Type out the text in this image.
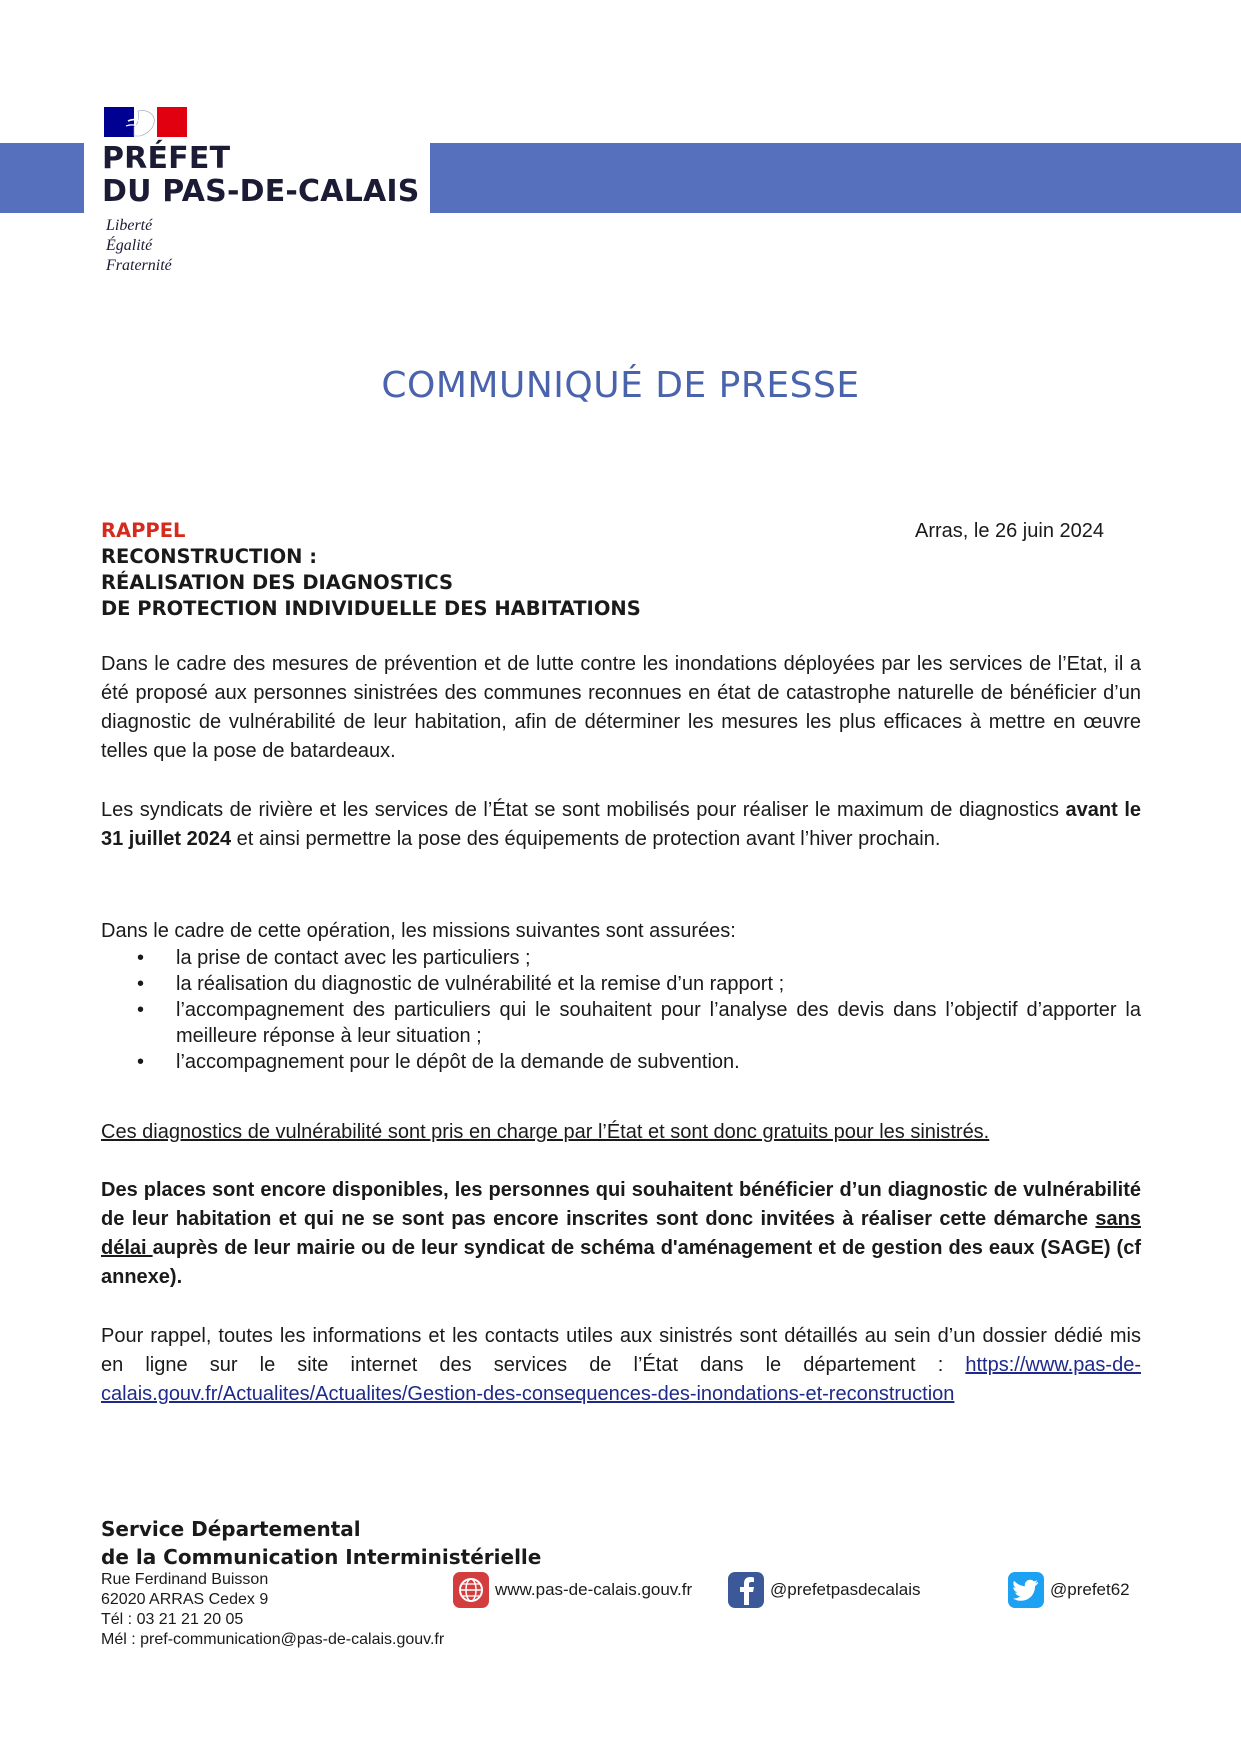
PRÉFET
DU PAS-DE-CALAIS
Liberté
Égalité
Fraternité
COMMUNIQUÉ DE PRESSE
RAPPEL
RECONSTRUCTION :
RÉALISATION DES DIAGNOSTICS
DE PROTECTION INDIVIDUELLE DES HABITATIONS
Arras, le 26 juin 2024
Dans le cadre des mesures de prévention et de lutte contre les inondations déployées par les services de l’Etat, il a été proposé aux personnes sinistrées des communes reconnues en état de catastrophe naturelle de bénéficier d’un diagnostic de vulnérabilité de leur habitation, afin de déterminer les mesures les plus efficaces à mettre en œuvre telles que la pose de batardeaux.
Les syndicats de rivière et les services de l’État se sont mobilisés pour réaliser le maximum de diagnostics avant le 31 juillet 2024 et ainsi permettre la pose des équipements de protection avant l’hiver prochain.
Dans le cadre de cette opération, les missions suivantes sont assurées:
• la prise de contact avec les particuliers ;
• la réalisation du diagnostic de vulnérabilité et la remise d’un rapport ;
• l’accompagnement des particuliers qui le souhaitent pour l’analyse des devis dans l’objectif d’apporter la meilleure réponse à leur situation ;
• l’accompagnement pour le dépôt de la demande de subvention.
Ces diagnostics de vulnérabilité sont pris en charge par l’État et sont donc gratuits pour les sinistrés.
Des places sont encore disponibles, les personnes qui souhaitent bénéficier d’un diagnostic de vulnérabilité de leur habitation et qui ne se sont pas encore inscrites sont donc invitées à réaliser cette démarche sans délai auprès de leur mairie ou de leur syndicat de schéma d'aménagement et de gestion des eaux (SAGE) (cf annexe).
Pour rappel, toutes les informations et les contacts utiles aux sinistrés sont détaillés au sein d’un dossier dédié mis en ligne sur le site internet des services de l’État dans le département : https://www.pas-de-calais.gouv.fr/Actualites/Actualites/Gestion-des-consequences-des-inondations-et-reconstruction
Service Départemental
de la Communication Interministérielle
Rue Ferdinand Buisson
62020 ARRAS Cedex 9
Tél : 03 21 21 20 05
Mél : pref-communication@pas-de-calais.gouv.fr
www.pas-de-calais.gouv.fr	@prefetpasdecalais	@prefet62
